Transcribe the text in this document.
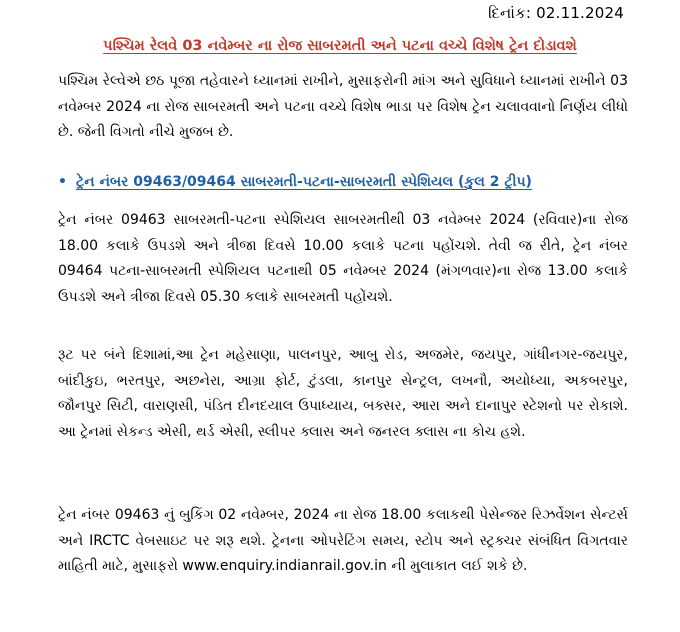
દિનાંક: 02.11.2024
પશ્ચિમ રેલવે 03 નવેમ્બર ના રોજ સાબરમતી અને પટના વચ્ચે વિશેષ ટ્રેન દોડાવશે
પશ્ચિમ રેલ્વેએ છઠ પૂજા તહેવારને ધ્યાનમાં રાખીને, મુસાફરોની માંગ અને સુવિધાને ધ્યાનમાં રાખીને 03 નવેમ્બર 2024 ના રોજ સાબરમતી અને પટના વચ્ચે વિશેષ ભાડા પર વિશેષ ટ્રેન ચલાવવાનો નિર્ણય લીધો છે. જેની વિગતો નીચે મુજબ છે.
• ટ્રેન નંબર 09463/09464 સાબરમતી-પટના-સાબરમતી સ્પેશિયલ (કુલ 2 ટ્રીપ)
ટ્રેન નંબર 09463 સાબરમતી-પટના સ્પેશિયલ સાબરમતીથી 03 નવેમ્બર 2024 (રવિવાર)ના રોજ 18.00 કલાકે ઉપડશે અને ત્રીજા દિવસે 10.00 કલાકે પટના પહોંચશે. તેવી જ રીતે, ટ્રેન નંબર 09464 પટના-સાબરમતી સ્પેશિયલ પટનાથી 05 નવેમ્બર 2024 (મંગળવાર)ના રોજ 13.00 કલાકે ઉપડશે અને ત્રીજા દિવસે 05.30 કલાકે સાબરમતી પહોંચશે.
રૂટ પર બંને દિશામાં,આ ટ્રેન મહેસાણા, પાલનપુર, આબુ રોડ, અજમેર, જયપુર, ગાંધીનગર-જયપુર, બાંદીકુઇ, ભરતપુર, અછનેરા, આગ્રા ફોર્ટ, ટુંડલા, કાનપુર સેન્ટ્રલ, લખનૌ, અયોધ્યા, અકબરપુર, જૌનપુર સિટી, વારાણસી, પંડિત દીનદયાલ ઉપાધ્યાય, બક્સર, આરા અને દાનાપુર સ્ટેશનો પર રોકાશે. આ ટ્રેનમાં સેકન્ડ એસી, થર્ડ એસી, સ્લીપર ક્લાસ અને જનરલ ક્લાસ ના કોચ હશે.
ટ્રેન નંબર 09463 નું બુકિંગ 02 નવેમ્બર, 2024 ના રોજ 18.00 કલાકથી પેસેન્જર રિઝર્વેશન સેન્ટર્સ અને IRCTC વેબસાઇટ પર શરૂ થશે. ટ્રેનના ઓપરેટિંગ સમય, સ્ટોપ અને સ્ટ્રક્ચર સંબંધિત વિગતવાર માહિતી માટે, મુસાફરો www.enquiry.indianrail.gov.in ની મુલાકાત લઈ શકે છે.
